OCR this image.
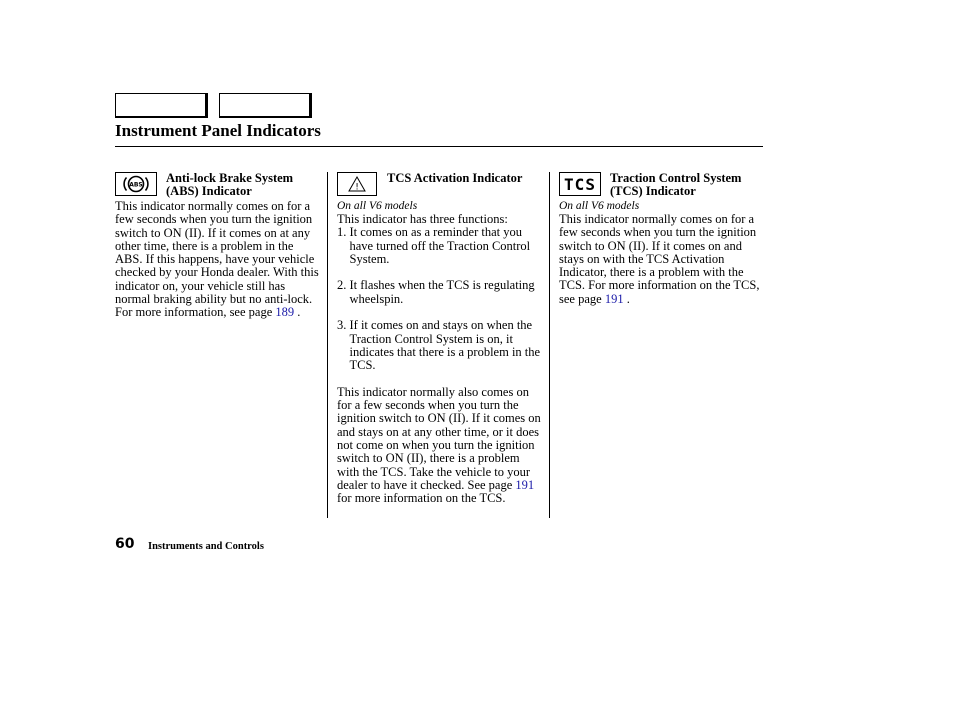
Instrument Panel Indicators
ABS Anti-lock Brake System
(ABS) Indicator

This indicator normally comes on for a few seconds when you turn the ignition switch to ON (II). If it comes on at any other time, there is a problem in the ABS. If this happens, have your vehicle checked by your Honda dealer. With this indicator on, your vehicle still has normal braking ability but no anti-lock. For more information, see page 189 .

!
TCS Activation Indicator
On all V6 models

This indicator has three functions:

1. It comes on as a reminder that you have turned off the Traction Control System.

2. It flashes when the TCS is regulating wheelspin.

3. If it comes on and stays on when the Traction Control System is on, it indicates that there is a problem in the TCS.

This indicator normally also comes on for a few seconds when you turn the ignition switch to ON (II). If it comes on and stays on at any other time, or it does not come on when you turn the ignition switch to ON (II), there is a problem with the TCS. Take the vehicle to your dealer to have it checked. See page 191 for more information on the TCS.

TCS Traction Control System
(TCS) Indicator
On all V6 models

This indicator normally comes on for a few seconds when you turn the ignition switch to ON (II). If it comes on and stays on with the TCS Activation Indicator, there is a problem with the TCS. For more information on the TCS, see page 191 .

60 Instruments and Controls
